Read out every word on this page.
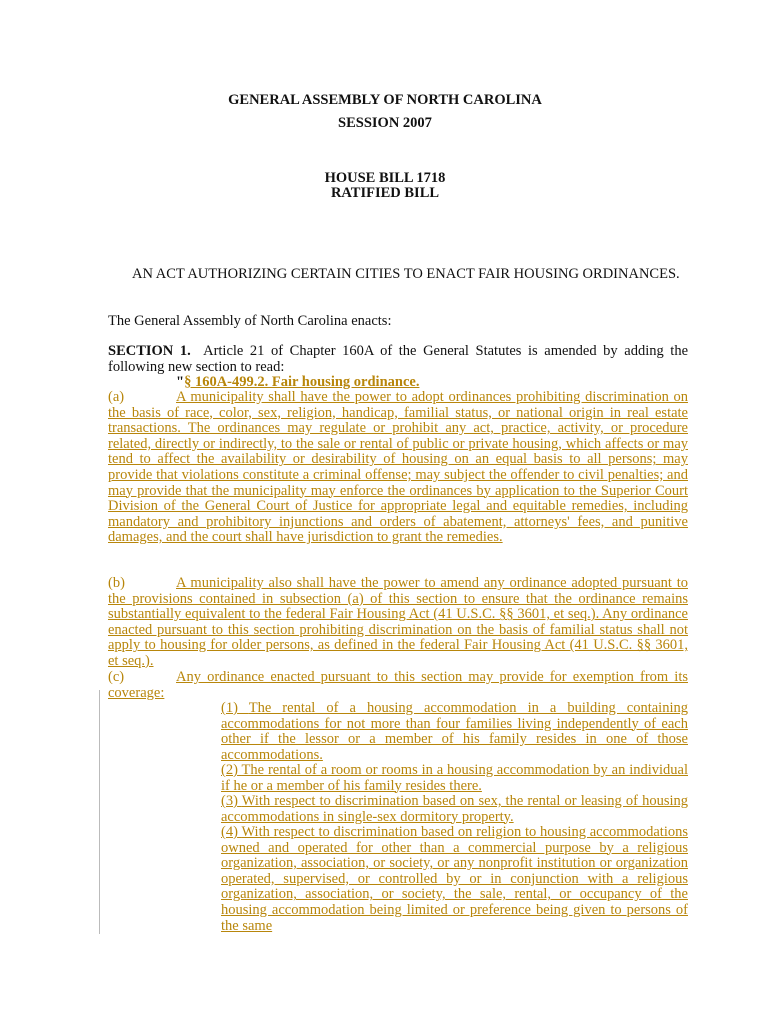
GENERAL ASSEMBLY OF NORTH CAROLINA
SESSION 2007
HOUSE BILL 1718
RATIFIED BILL
AN ACT AUTHORIZING CERTAIN CITIES TO ENACT FAIR HOUSING ORDINANCES.
The General Assembly of North Carolina enacts:
SECTION 1. Article 21 of Chapter 160A of the General Statutes is amended by adding the following new section to read:
"§ 160A-499.2. Fair housing ordinance.
(a)	A municipality shall have the power to adopt ordinances prohibiting discrimination on the basis of race, color, sex, religion, handicap, familial status, or national origin in real estate transactions. The ordinances may regulate or prohibit any act, practice, activity, or procedure related, directly or indirectly, to the sale or rental of public or private housing, which affects or may tend to affect the availability or desirability of housing on an equal basis to all persons; may provide that violations constitute a criminal offense; may subject the offender to civil penalties; and may provide that the municipality may enforce the ordinances by application to the Superior Court Division of the General Court of Justice for appropriate legal and equitable remedies, including mandatory and prohibitory injunctions and orders of abatement, attorneys' fees, and punitive damages, and the court shall have jurisdiction to grant the remedies.
(b)	A municipality also shall have the power to amend any ordinance adopted pursuant to the provisions contained in subsection (a) of this section to ensure that the ordinance remains substantially equivalent to the federal Fair Housing Act (41 U.S.C. §§ 3601, et seq.). Any ordinance enacted pursuant to this section prohibiting discrimination on the basis of familial status shall not apply to housing for older persons, as defined in the federal Fair Housing Act (41 U.S.C. §§ 3601, et seq.).
(c)	Any ordinance enacted pursuant to this section may provide for exemption from its coverage:
(1) The rental of a housing accommodation in a building containing accommodations for not more than four families living independently of each other if the lessor or a member of his family resides in one of those accommodations.
(2) The rental of a room or rooms in a housing accommodation by an individual if he or a member of his family resides there.
(3) With respect to discrimination based on sex, the rental or leasing of housing accommodations in single-sex dormitory property.
(4) With respect to discrimination based on religion to housing accommodations owned and operated for other than a commercial purpose by a religious organization, association, or society, or any nonprofit institution or organization operated, supervised, or controlled by or in conjunction with a religious organization, association, or society, the sale, rental, or occupancy of the housing accommodation being limited or preference being given to persons of the same
